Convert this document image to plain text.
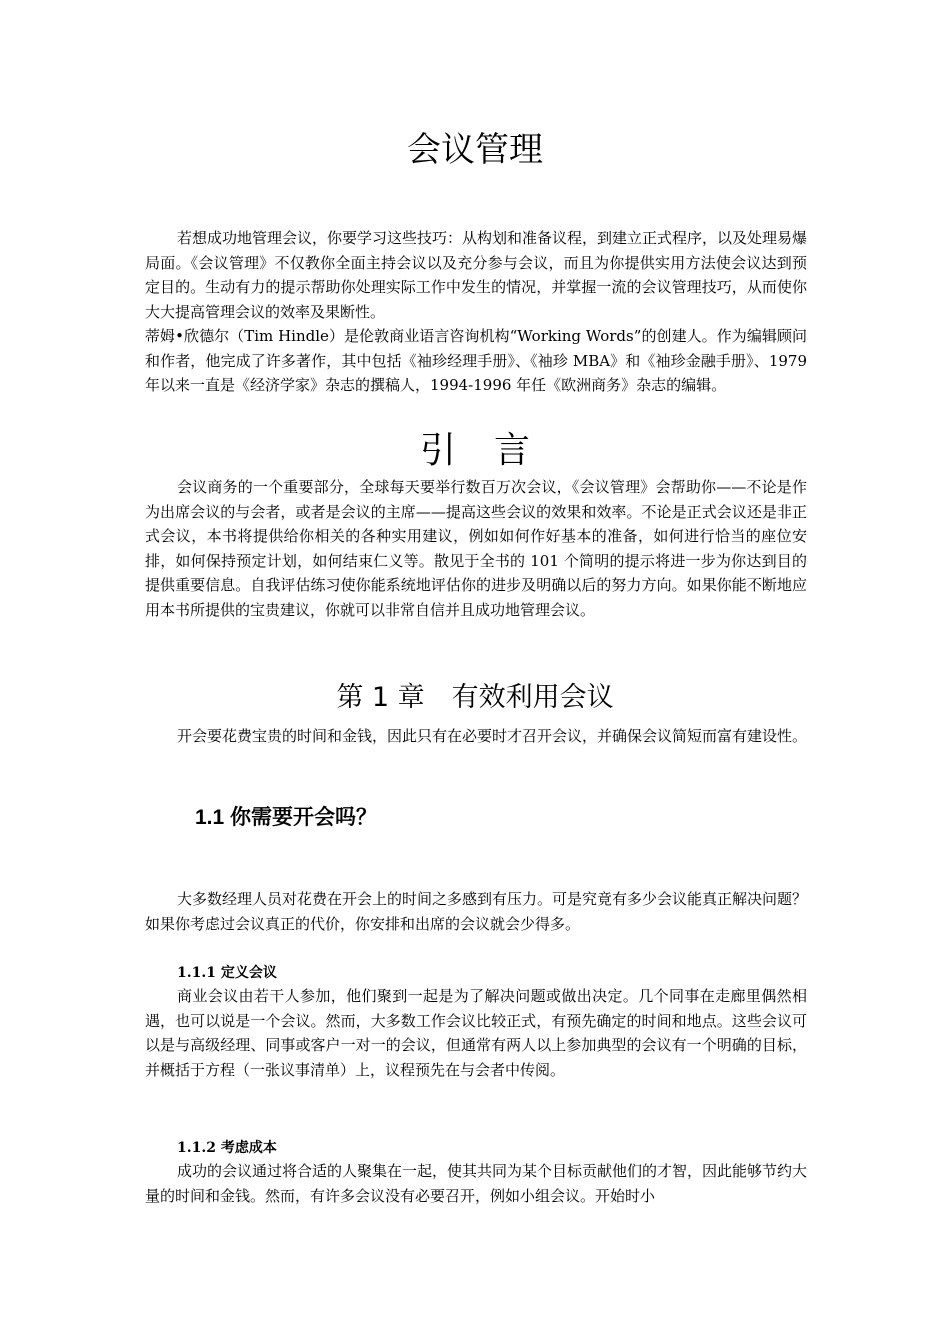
会议管理

若想成功地管理会议，你要学习这些技巧：从构划和准备议程，到建立正式程序，以及处理易爆局面。《会议管理》不仅教你全面主持会议以及充分参与会议，而且为你提供实用方法使会议达到预定目的。生动有力的提示帮助你处理实际工作中发生的情况，并掌握一流的会议管理技巧，从而使你大大提高管理会议的效率及果断性。

蒂姆•欣德尔（Tim Hindle）是伦敦商业语言咨询机构“Working Words”的创建人。作为编辑顾问和作者，他完成了许多著作，其中包括《袖珍经理手册》、《袖珍 MBA》和《袖珍金融手册》、1979 年以来一直是《经济学家》杂志的撰稿人，1994-1996 年任《欧洲商务》杂志的编辑。

引言

会议商务的一个重要部分，全球每天要举行数百万次会议，《会议管理》会帮助你——不论是作为出席会议的与会者，或者是会议的主席——提高这些会议的效果和效率。不论是正式会议还是非正式会议，本书将提供给你相关的各种实用建议，例如如何作好基本的准备，如何进行恰当的座位安排，如何保持预定计划，如何结束仁义等。散见于全书的 101 个简明的提示将进一步为你达到目的提供重要信息。自我评估练习使你能系统地评估你的进步及明确以后的努力方向。如果你能不断地应用本书所提供的宝贵建议，你就可以非常自信并且成功地管理会议。

第 1 章　有效利用会议

开会要花费宝贵的时间和金钱，因此只有在必要时才召开会议，并确保会议简短而富有建设性。

1.1 你需要开会吗？

大多数经理人员对花费在开会上的时间之多感到有压力。可是究竟有多少会议能真正解决问题？如果你考虑过会议真正的代价，你安排和出席的会议就会少得多。

1.1.1 定义会议

商业会议由若干人参加，他们聚到一起是为了解决问题或做出决定。几个同事在走廊里偶然相遇，也可以说是一个会议。然而，大多数工作会议比较正式，有预先确定的时间和地点。这些会议可以是与高级经理、同事或客户一对一的会议，但通常有两人以上参加典型的会议有一个明确的目标，并概括于方程（一张议事清单）上，议程预先在与会者中传阅。

1.1.2 考虑成本

成功的会议通过将合适的人聚集在一起，使其共同为某个目标贡献他们的才智，因此能够节约大量的时间和金钱。然而，有许多会议没有必要召开，例如小组会议。开始时小
